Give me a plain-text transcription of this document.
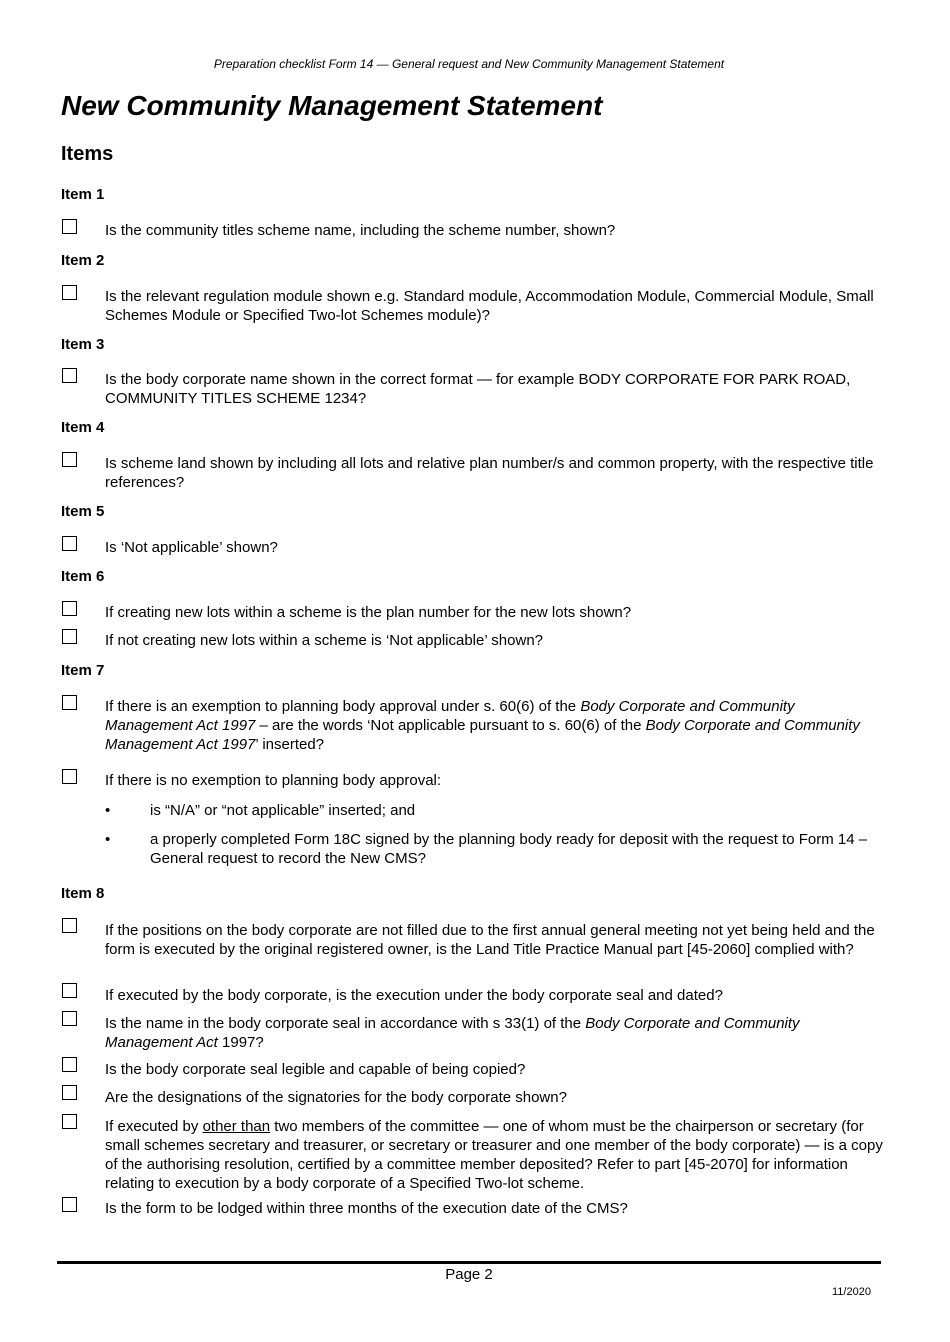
Preparation checklist Form 14 — General request and New Community Management Statement
New Community Management Statement
Items
Item 1
Is the community titles scheme name, including the scheme number, shown?
Item 2
Is the relevant regulation module shown e.g. Standard module, Accommodation Module, Commercial Module, Small Schemes Module or Specified Two-lot Schemes module)?
Item 3
Is the body corporate name shown in the correct format — for example BODY CORPORATE FOR PARK ROAD, COMMUNITY TITLES SCHEME 1234?
Item 4
Is scheme land shown by including all lots and relative plan number/s and common property, with the respective title references?
Item 5
Is ‘Not applicable’ shown?
Item 6
If creating new lots within a scheme is the plan number for the new lots shown?
If not creating new lots within a scheme is ‘Not applicable’ shown?
Item 7
If there is an exemption to planning body approval under s. 60(6) of the Body Corporate and Community Management Act 1997 – are the words ‘Not applicable pursuant to s. 60(6) of the Body Corporate and Community Management Act 1997’ inserted?
If there is no exemption to planning body approval:
•	is “N/A” or “not applicable” inserted; and
•	a properly completed Form 18C signed by the planning body ready for deposit with the request to Form 14 – General request to record the New CMS?
Item 8
If the positions on the body corporate are not filled due to the first annual general meeting not yet being held and the form is executed by the original registered owner, is the Land Title Practice Manual part [45-2060] complied with?
If executed by the body corporate, is the execution under the body corporate seal and dated?
Is the name in the body corporate seal in accordance with s 33(1) of the Body Corporate and Community Management Act 1997?
Is the body corporate seal legible and capable of being copied?
Are the designations of the signatories for the body corporate shown?
If executed by other than two members of the committee — one of whom must be the chairperson or secretary (for small schemes secretary and treasurer, or secretary or treasurer and one member of the body corporate) — is a copy of the authorising resolution, certified by a committee member deposited? Refer to part [45-2070] for information relating to execution by a body corporate of a Specified Two-lot scheme.
Is the form to be lodged within three months of the execution date of the CMS?
Page 2
11/2020
